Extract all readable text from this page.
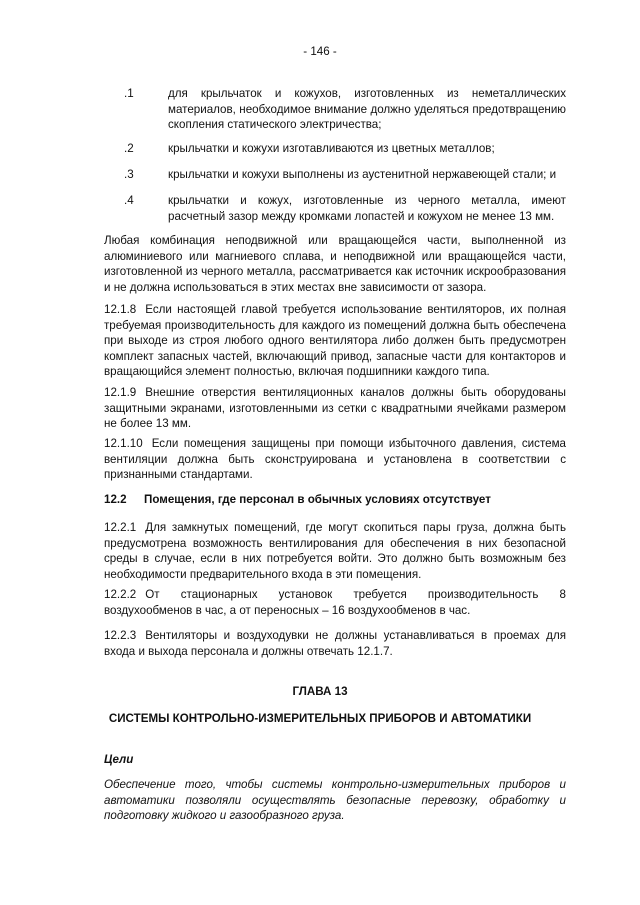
- 146 -
.1	для крыльчаток и кожухов, изготовленных из неметаллических материалов, необходимое внимание должно уделяться предотвращению скопления статического электричества;
.2	крыльчатки и кожухи изготавливаются из цветных металлов;
.3	крыльчатки и кожухи выполнены из аустенитной нержавеющей стали; и
.4	крыльчатки и кожух, изготовленные из черного металла, имеют расчетный зазор между кромками лопастей и кожухом не менее 13 мм.
Любая комбинация неподвижной или вращающейся части, выполненной из алюминиевого или магниевого сплава, и неподвижной или вращающейся части, изготовленной из черного металла, рассматривается как источник искрообразования и не должна использоваться в этих местах вне зависимости от зазора.
12.1.8 Если настоящей главой требуется использование вентиляторов, их полная требуемая производительность для каждого из помещений должна быть обеспечена при выходе из строя любого одного вентилятора либо должен быть предусмотрен комплект запасных частей, включающий привод, запасные части для контакторов и вращающийся элемент полностью, включая подшипники каждого типа.
12.1.9 Внешние отверстия вентиляционных каналов должны быть оборудованы защитными экранами, изготовленными из сетки с квадратными ячейками размером не более 13 мм.
12.1.10 Если помещения защищены при помощи избыточного давления, система вентиляции должна быть сконструирована и установлена в соответствии с признанными стандартами.
12.2 Помещения, где персонал в обычных условиях отсутствует
12.2.1 Для замкнутых помещений, где могут скопиться пары груза, должна быть предусмотрена возможность вентилирования для обеспечения в них безопасной среды в случае, если в них потребуется войти. Это должно быть возможным без необходимости предварительного входа в эти помещения.
12.2.2 От стационарных установок требуется производительность 8 воздухообменов в час, а от переносных – 16 воздухообменов в час.
12.2.3 Вентиляторы и воздуходувки не должны устанавливаться в проемах для входа и выхода персонала и должны отвечать 12.1.7.
ГЛАВА 13
СИСТЕМЫ КОНТРОЛЬНО-ИЗМЕРИТЕЛЬНЫХ ПРИБОРОВ И АВТОМАТИКИ
Цели
Обеспечение того, чтобы системы контрольно-измерительных приборов и автоматики позволяли осуществлять безопасные перевозку, обработку и подготовку жидкого и газообразного груза.
